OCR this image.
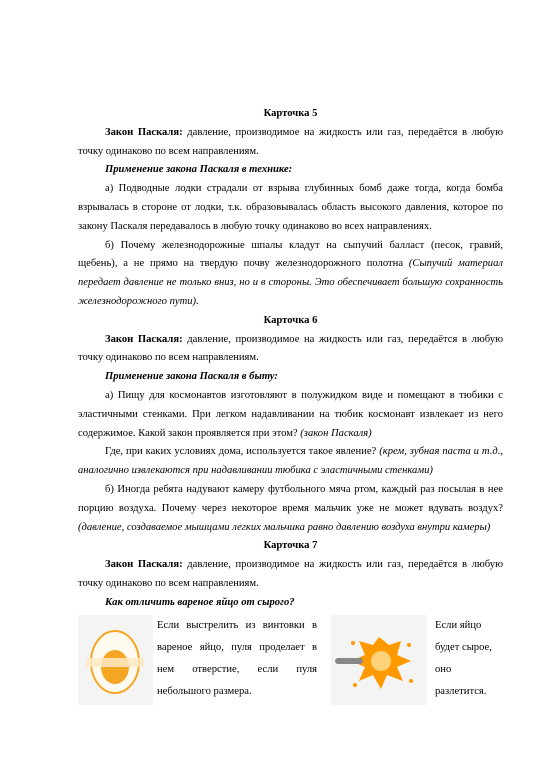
Карточка 5

Закон Паскаля: давление, производимое на жидкость или газ, передаётся в любую точку одинаково по всем направлениям.

Применение закона Паскаля в технике:

а) Подводные лодки страдали от взрыва глубинных бомб даже тогда, когда бомба взрывалась в стороне от лодки, т.к. образовывалась область высокого давления, которое по закону Паскаля передавалось в любую точку одинаково во всех направлениях.

б) Почему железнодорожные шпалы кладут на сыпучий балласт (песок, гравий, щебень), а не прямо на твердую почву железнодорожного полотна (Сыпучий материал передает давление не только вниз, но и в стороны. Это обеспечивает большую сохранность железнодорожного пути).

Карточка 6

Закон Паскаля: давление, производимое на жидкость или газ, передаётся в любую точку одинаково по всем направлениям.

Применение закона Паскаля в быту:

а) Пищу для космонавтов изготовляют в полужидком виде и помещают в тюбики с эластичными стенками. При легком надавливании на тюбик космонавт извлекает из него содержимое. Какой закон проявляется при этом? (закон Паскаля)

Где, при каких условиях дома, используется такое явление? (крем, зубная паста и т.д., аналогично извлекаются при надавливании тюбика с эластичными стенками)

б) Иногда ребята надувают камеру футбольного мяча ртом, каждый раз посылая в нее порцию воздуха. Почему через некоторое время мальчик уже не может вдувать воздух? (давление, создаваемое мышцами легких мальчика равно давлению воздуха внутри камеры)

Карточка 7

Закон Паскаля: давление, производимое на жидкость или газ, передаётся в любую точку одинаково по всем направлениям.

Как отличить вареное яйцо от сырого?

Если выстрелить из винтовки в вареное яйцо, пуля проделает в нем отверстие, если пуля небольшого размера.

Если яйцо будет сырое, оно разлетится.
